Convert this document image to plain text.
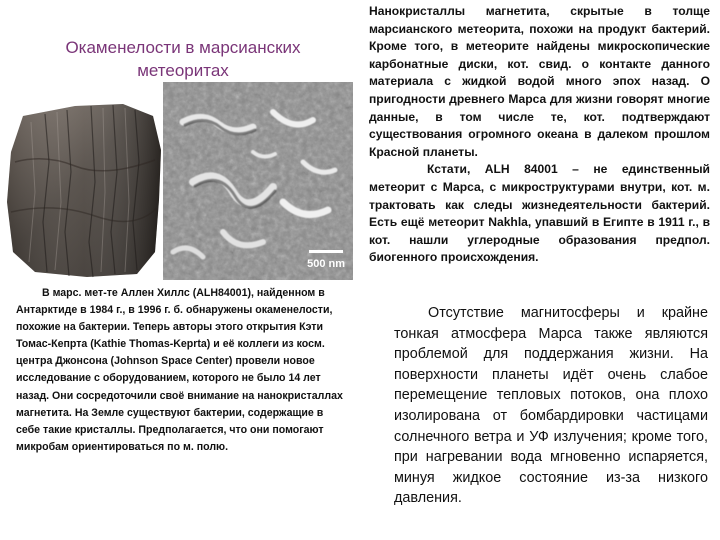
Окаменелости в марсианских метеоритах
500 nm

В марс. мет-те Аллен Хиллс (ALH84001), найденном в Антарктиде в 1984 г., в 1996 г. б. обнаружены окаменелости, похожие на бактерии. Теперь авторы этого открытия Кэти Томас-Кепрта (Kathie Thomas-Keprta) и её коллеги из косм. центра Джонсона (Johnson Space Center) провели новое исследование с оборудованием, которого не было 14 лет назад. Они сосредоточили своё внимание на нанокристаллах магнетита. На Земле существуют бактерии, содержащие в себе такие кристаллы. Предполагается, что они помогают микробам ориентироваться по м. полю.

Нанокристаллы магнетита, скрытые в толще марсианского метеорита, похожи на продукт бактерий. Кроме того, в метеорите найдены микроскопические карбонатные диски, кот. свид. о контакте данного материала с жидкой водой много эпох назад. О пригодности древнего Марса для жизни говорят многие данные, в том числе те, кот. подтверждают существования огромного океана в далеком прошлом Красной планеты.

Кстати, ALH 84001 – не единственный метеорит с Марса, с микроструктурами внутри, кот. м. трактовать как следы жизнедеятельности бактерий. Есть ещё метеорит Nakhla, упавший в Египте в 1911 г., в кот. нашли углеродные образования предпол. биогенного происхождения.

Отсутствие магнитосферы и крайне тонкая атмосфера Марса также являются проблемой для поддержания жизни. На поверхности планеты идёт очень слабое перемещение тепловых потоков, она плохо изолирована от бомбардировки частицами солнечного ветра и УФ излучения; кроме того, при нагревании вода мгновенно испаряется, минуя жидкое состояние из-за низкого давления.
